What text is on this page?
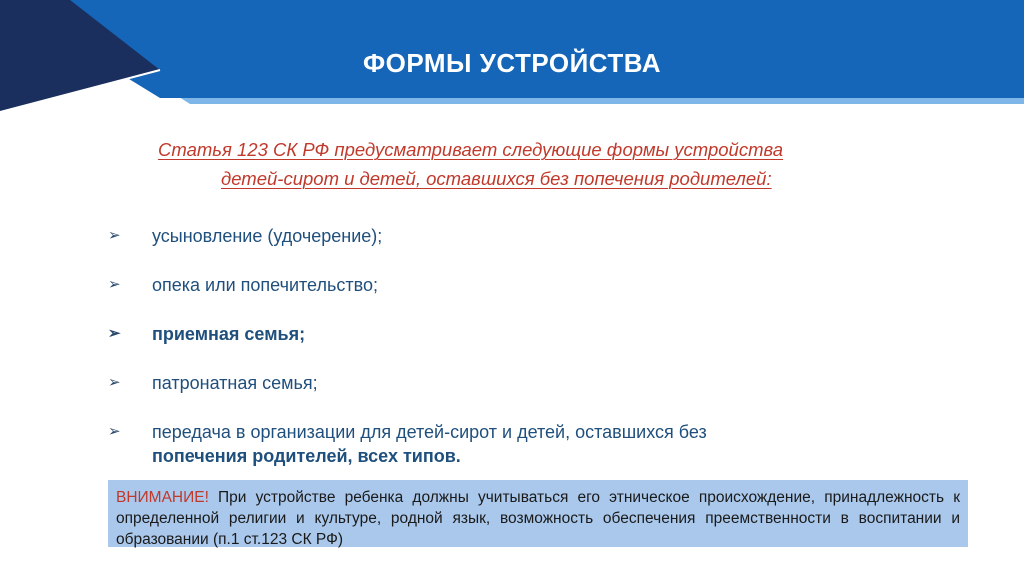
ФОРМЫ УСТРОЙСТВА
Статья 123 СК РФ предусматривает следующие формы устройства
детей-сирот и детей, оставшихся без попечения родителей:
➢ усыновление (удочерение);
➢ опека или попечительство;
➢ приемная семья;
➢ патронатная семья;
➢ передача в организации для детей-сирот и детей, оставшихся без
попечения родителей, всех типов.
ВНИМАНИЕ! При устройстве ребенка должны учитываться его этническое происхождение, принадлежность к определенной религии и культуре, родной язык, возможность обеспечения преемственности в воспитании и образовании (п.1 ст.123 СК РФ)
